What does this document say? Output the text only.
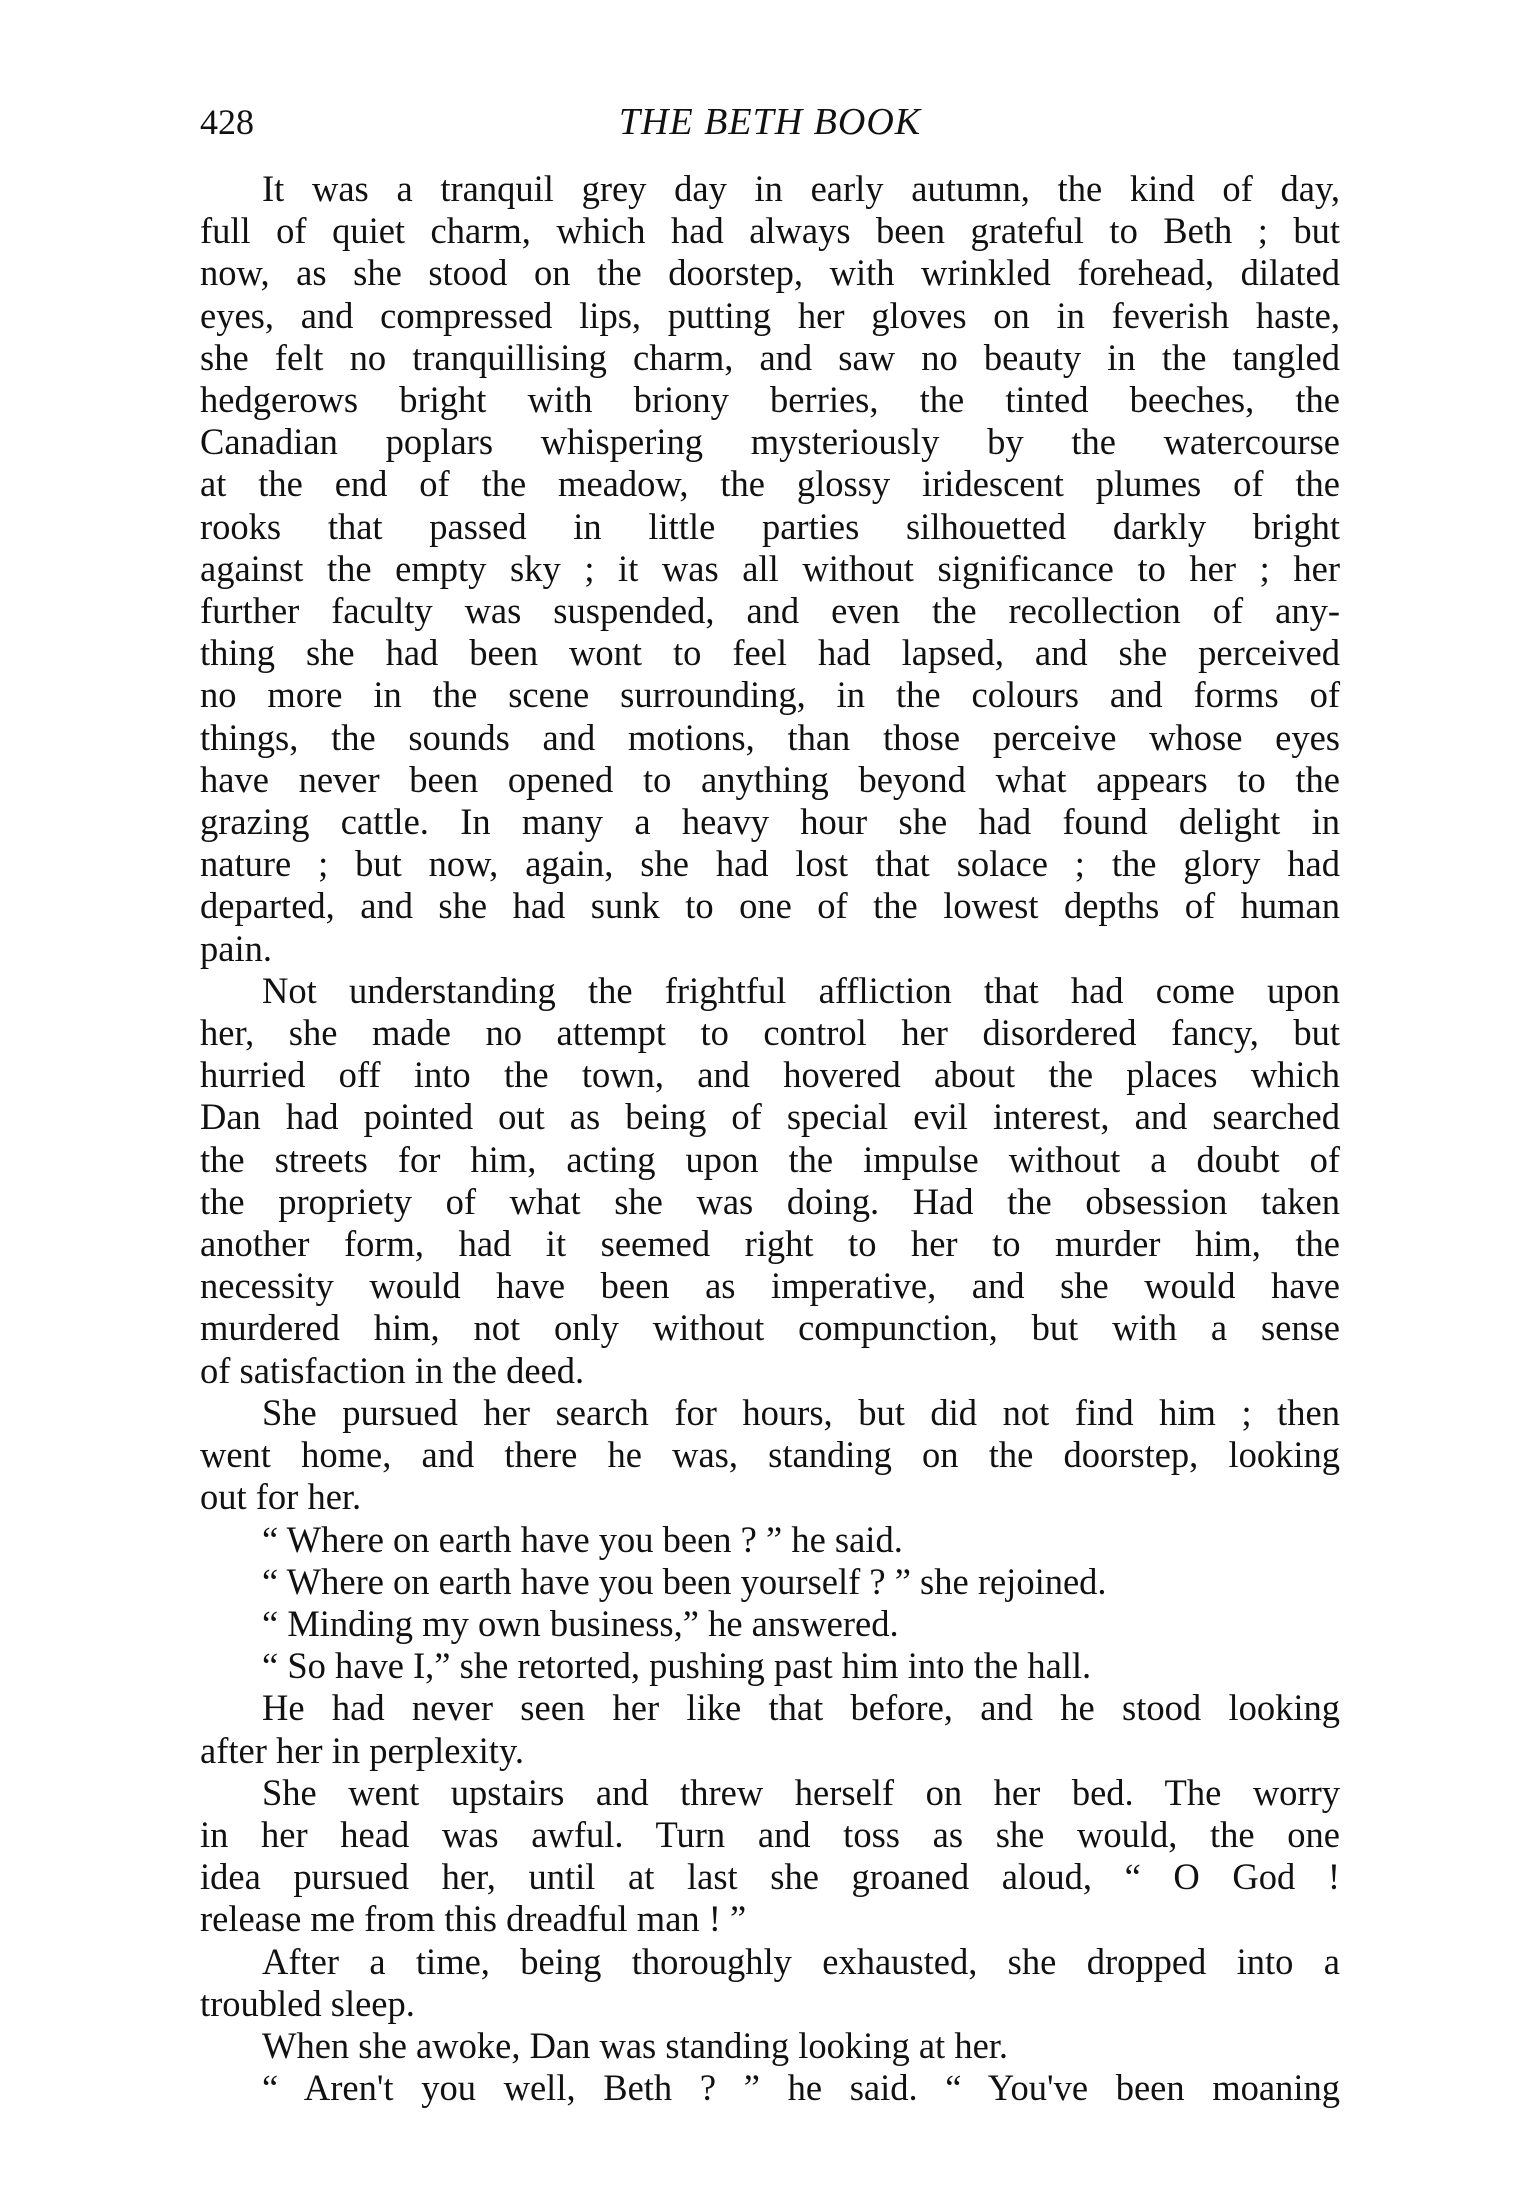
428	THE BETH BOOK

It was a tranquil grey day in early autumn, the kind of day,
full of quiet charm, which had always been grateful to Beth ; but
now, as she stood on the doorstep, with wrinkled forehead, dilated
eyes, and compressed lips, putting her gloves on in feverish haste,
she felt no tranquillising charm, and saw no beauty in the tangled
hedgerows bright with briony berries, the tinted beeches, the
Canadian poplars whispering mysteriously by the watercourse
at the end of the meadow, the glossy iridescent plumes of the
rooks that passed in little parties silhouetted darkly bright
against the empty sky ; it was all without significance to her ; her
further faculty was suspended, and even the recollection of any-
thing she had been wont to feel had lapsed, and she perceived
no more in the scene surrounding, in the colours and forms of
things, the sounds and motions, than those perceive whose eyes
have never been opened to anything beyond what appears to the
grazing cattle. In many a heavy hour she had found delight in
nature ; but now, again, she had lost that solace ; the glory had
departed, and she had sunk to one of the lowest depths of human
pain.

Not understanding the frightful affliction that had come upon
her, she made no attempt to control her disordered fancy, but
hurried off into the town, and hovered about the places which
Dan had pointed out as being of special evil interest, and searched
the streets for him, acting upon the impulse without a doubt of
the propriety of what she was doing. Had the obsession taken
another form, had it seemed right to her to murder him, the
necessity would have been as imperative, and she would have
murdered him, not only without compunction, but with a sense
of satisfaction in the deed.

She pursued her search for hours, but did not find him ; then
went home, and there he was, standing on the doorstep, looking
out for her.

“ Where on earth have you been ? ” he said.

“ Where on earth have you been yourself ? ” she rejoined.

“ Minding my own business,” he answered.

“ So have I,” she retorted, pushing past him into the hall.

He had never seen her like that before, and he stood looking
after her in perplexity.

She went upstairs and threw herself on her bed. The worry
in her head was awful. Turn and toss as she would, the one
idea pursued her, until at last she groaned aloud, “ O God !
release me from this dreadful man ! ”

After a time, being thoroughly exhausted, she dropped into a
troubled sleep.

When she awoke, Dan was standing looking at her.

“ Aren't you well, Beth ? ” he said. “ You've been moaning
